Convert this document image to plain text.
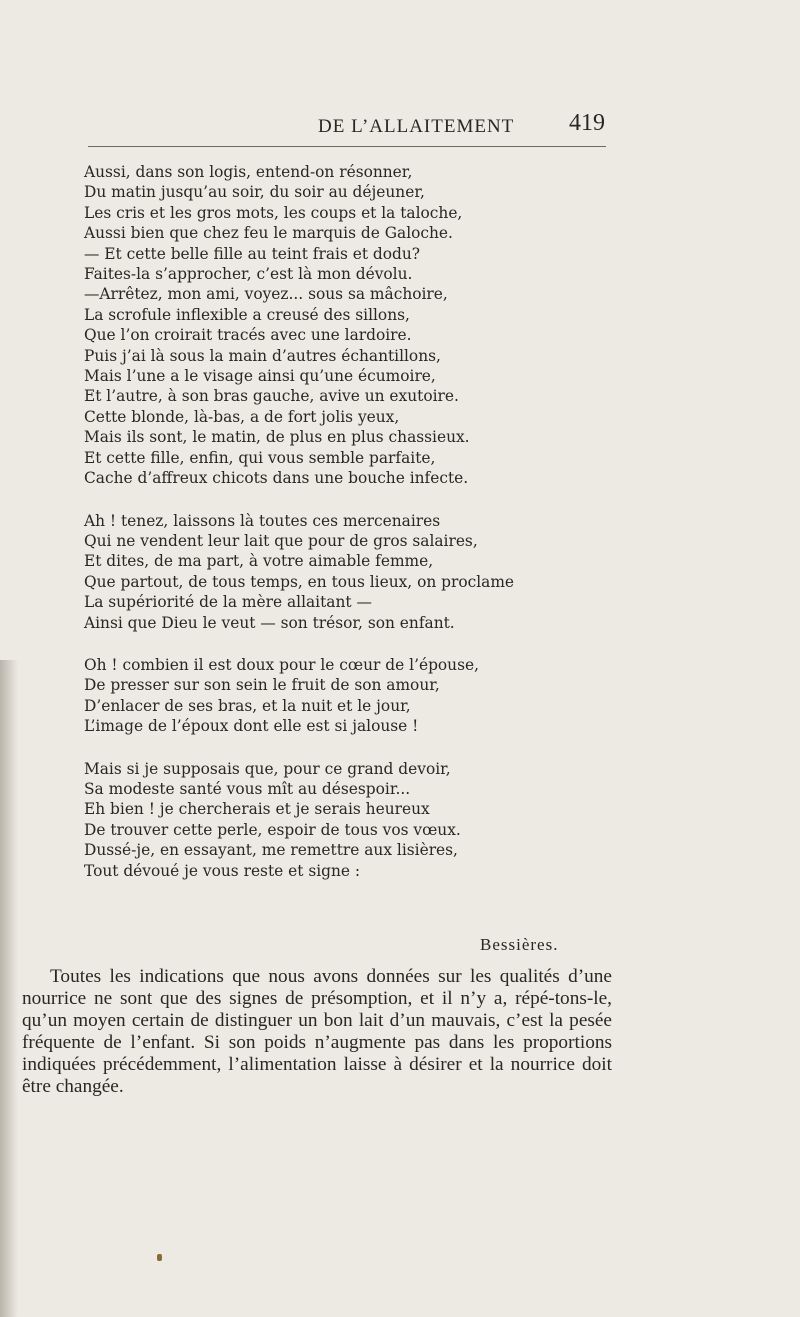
DE L’ALLAITEMENT 419
Aussi, dans son logis, entend-on résonner,
Du matin jusqu’au soir, du soir au déjeuner,
Les cris et les gros mots, les coups et la taloche,
Aussi bien que chez feu le marquis de Galoche.
— Et cette belle fille au teint frais et dodu?
Faites-la s’approcher, c’est là mon dévolu.
—Arrêtez, mon ami, voyez... sous sa mâchoire,
La scrofule inflexible a creusé des sillons,
Que l’on croirait tracés avec une lardoire.
Puis j’ai là sous la main d’autres échantillons,
Mais l’une a le visage ainsi qu’une écumoire,
Et l’autre, à son bras gauche, avive un exutoire.
Cette blonde, là-bas, a de fort jolis yeux,
Mais ils sont, le matin, de plus en plus chassieux.
Et cette fille, enfin, qui vous semble parfaite,
Cache d’affreux chicots dans une bouche infecte.
Ah ! tenez, laissons là toutes ces mercenaires
Qui ne vendent leur lait que pour de gros salaires,
Et dites, de ma part, à votre aimable femme,
Que partout, de tous temps, en tous lieux, on proclame
La supériorité de la mère allaitant —
Ainsi que Dieu le veut — son trésor, son enfant.
Oh ! combien il est doux pour le cœur de l’épouse,
De presser sur son sein le fruit de son amour,
D’enlacer de ses bras, et la nuit et le jour,
L’image de l’époux dont elle est si jalouse !
Mais si je supposais que, pour ce grand devoir,
Sa modeste santé vous mît au désespoir...
Eh bien ! je chercherais et je serais heureux
De trouver cette perle, espoir de tous vos vœux.
Dussé-je, en essayant, me remettre aux lisières,
Tout dévoué je vous reste et signe :
Bessières.
Toutes les indications que nous avons données sur les qualités d’une nourrice ne sont que des signes de présomption, et il n’y a, répé-tons-le, qu’un moyen certain de distinguer un bon lait d’un mauvais, c’est la pesée fréquente de l’enfant. Si son poids n’augmente pas dans les proportions indiquées précédemment, l’alimentation laisse à désirer et la nourrice doit être changée.
